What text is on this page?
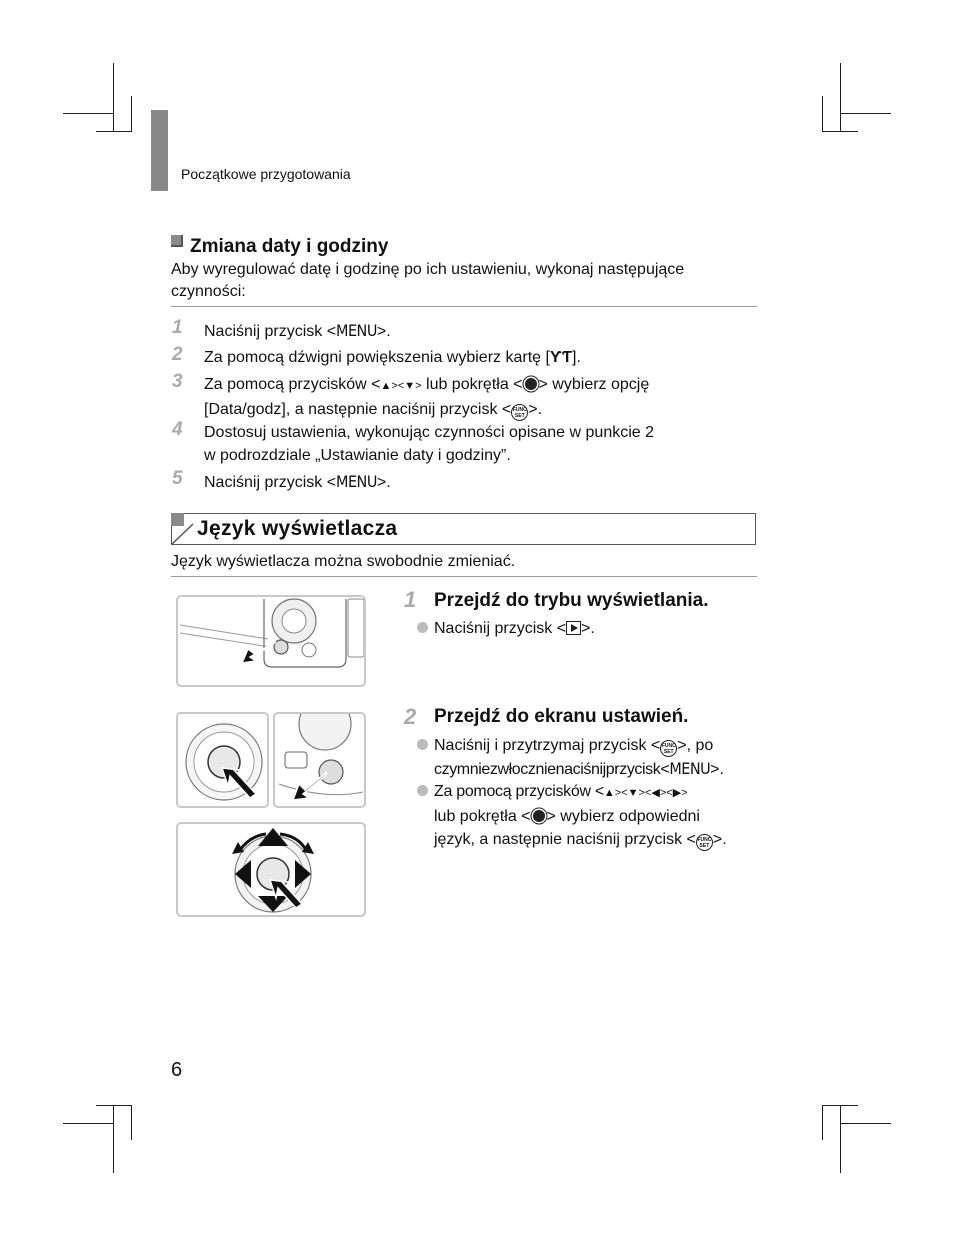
Początkowe przygotowania
Zmiana daty i godziny
Aby wyregulować datę i godzinę po ich ustawieniu, wykonaj następujące czynności:
1 Naciśnij przycisk <MENU>.
2 Za pomocą dźwigni powiększenia wybierz kartę [ƳƬ].
3 Za pomocą przycisków <▲><▼> lub pokrętła < > wybierz opcję
[Data/godz], a następnie naciśnij przycisk < FUNC
SET >.
4 Dostosuj ustawienia, wykonując czynności opisane w punkcie 2
w podrozdziale „Ustawianie daty i godziny”.
5 Naciśnij przycisk <MENU>.
Język wyświetlacza
Język wyświetlacza można swobodnie zmieniać.
1 Przejdź do trybu wyświetlania.
Naciśnij przycisk < >.
2 Przejdź do ekranu ustawień.
Naciśnij i przytrzymaj przycisk < FUNC
SET >, po
czymniezwłocznienaciśnijprzycisk<MENU>.
Za pomocą przycisków <▲><▼><◀><▶>
lub pokrętła < > wybierz odpowiedni
język, a następnie naciśnij przycisk < FUNC
SET >.
6
